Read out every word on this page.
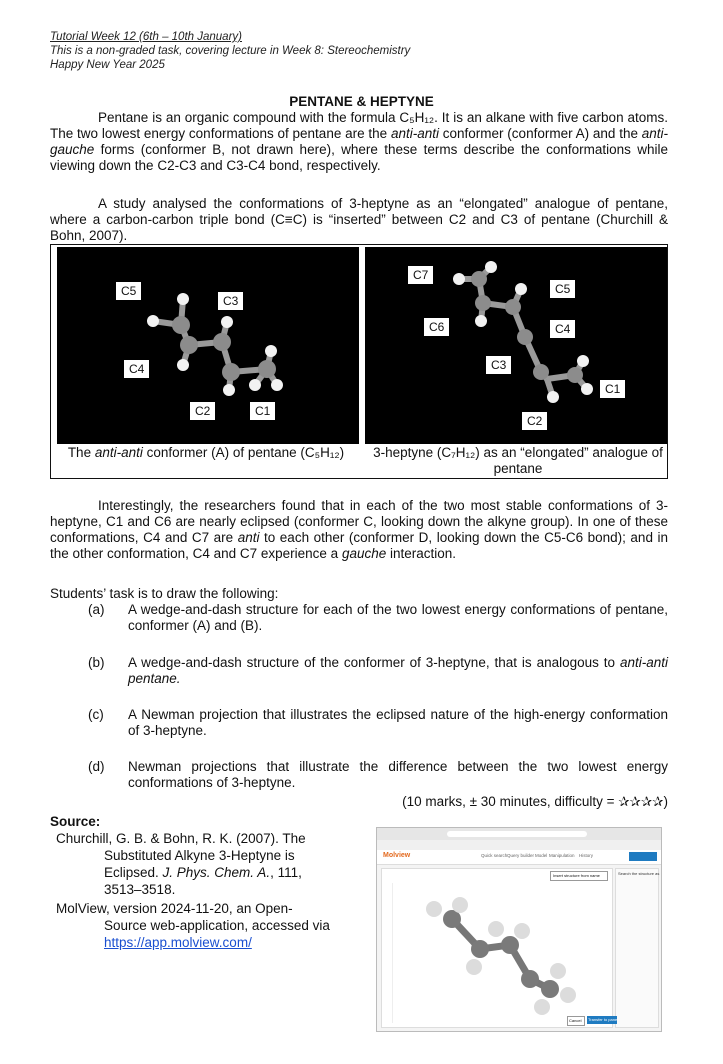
Tutorial Week 12 (6th – 10th January)
This is a non-graded task, covering lecture in Week 8: Stereochemistry
Happy New Year 2025
PENTANE & HEPTYNE
Pentane is an organic compound with the formula C₅H₁₂. It is an alkane with five carbon atoms. The two lowest energy conformations of pentane are the anti-anti conformer (conformer A) and the anti-gauche forms (conformer B, not drawn here), where these terms describe the conformations while viewing down the C2-C3 and C3-C4 bond, respectively.
A study analysed the conformations of 3-heptyne as an “elongated” analogue of pentane, where a carbon-carbon triple bond (C≡C) is “inserted” between C2 and C3 of pentane (Churchill & Bohn, 2007).
C5
C3
C4
C2	C1
C7
C5
C6	C4
C3
C1
C2
The anti-anti conformer (A) of pentane (C₅H₁₂)	3-heptyne (C₇H₁₂) as an “elongated” analogue of pentane
Interestingly, the researchers found that in each of the two most stable conformations of 3-heptyne, C1 and C6 are nearly eclipsed (conformer C, looking down the alkyne group). In one of these conformations, C4 and C7 are anti to each other (conformer D, looking down the C5-C6 bond); and in the other conformation, C4 and C7 experience a gauche interaction.
Students’ task is to draw the following:
(a) A wedge-and-dash structure for each of the two lowest energy conformations of pentane, conformer (A) and (B).
(b) A wedge-and-dash structure of the conformer of 3-heptyne, that is analogous to anti-anti pentane.
(c) A Newman projection that illustrates the eclipsed nature of the high-energy conformation of 3-heptyne.
(d) Newman projections that illustrate the difference between the two lowest energy conformations of 3-heptyne.
(10 marks, ± 30 minutes, difficulty = ✰✰✰✰)
Source:
Churchill, G. B. & Bohn, R. K. (2007). The
Substituted Alkyne 3-Heptyne is
Eclipsed. J. Phys. Chem. A., 111,
3513–3518.
MolView, version 2024-11-20, an Open-
Source web-application, accessed via
https://app.molview.com/
Molview	Quick search Query builder Model Manipulation History
Insert structure from name	Search the structure as
Cancel Transfer to panel
